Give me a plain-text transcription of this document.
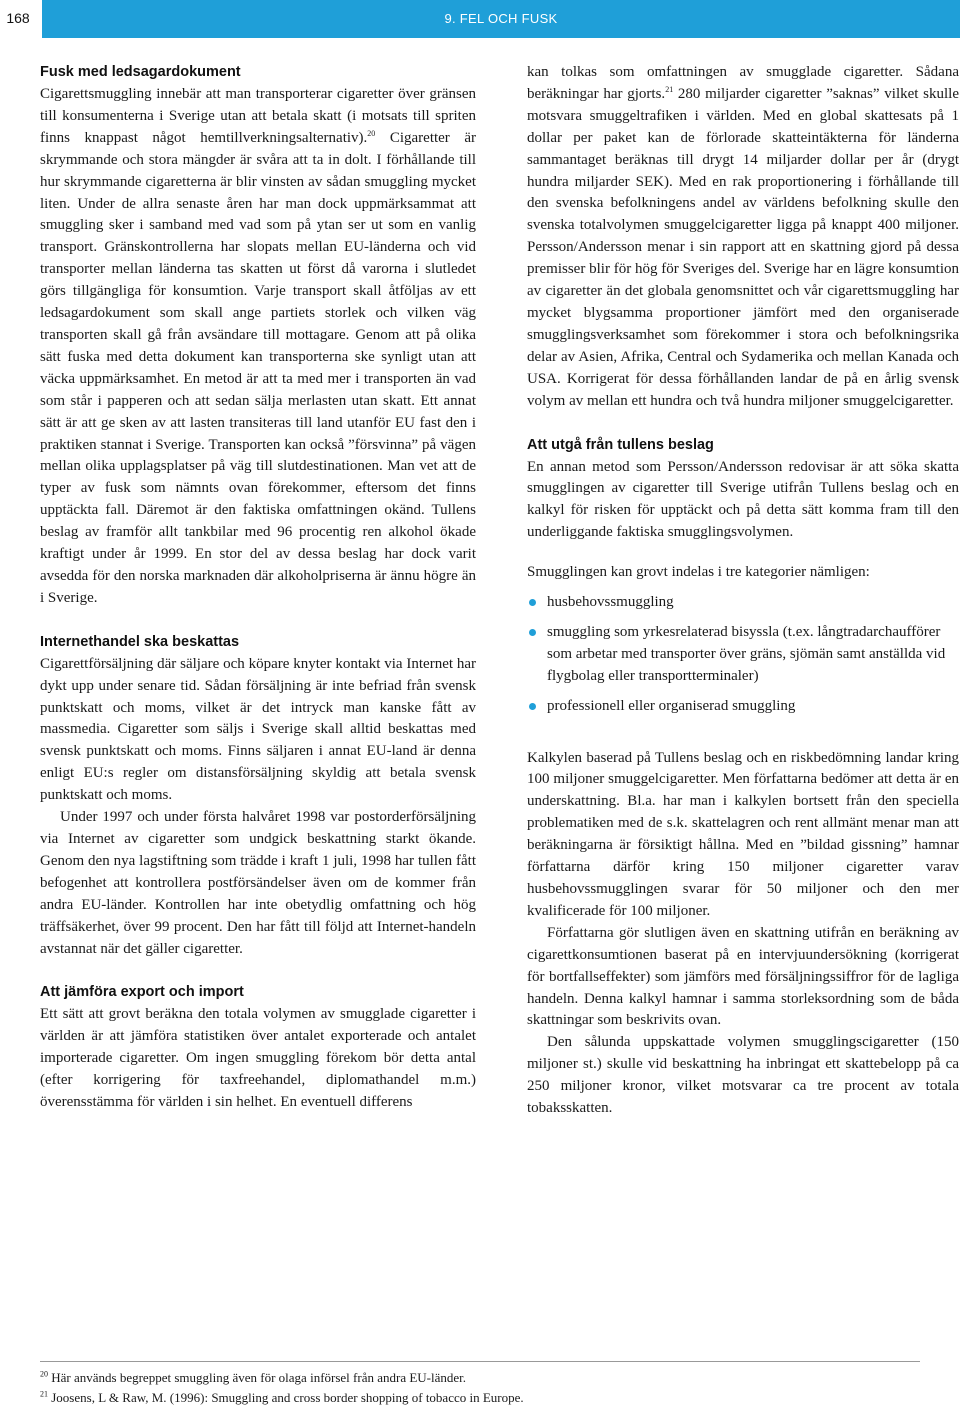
168	9. FEL OCH FUSK
Fusk med ledsagardokument

Cigarettsmuggling innebär att man transporterar cigaretter över gränsen till konsumenterna i Sverige utan att betala skatt (i motsats till spriten finns knappast något hemtillverkningsalternativ).$^{20}$ Cigaretter är skrymmande och stora mängder är svåra att ta in dolt. I förhållande till hur skrymmande cigaretterna är blir vinsten av sådan smuggling mycket liten. Under de allra senaste åren har man dock uppmärksammat att smuggling sker i samband med vad som på ytan ser ut som en vanlig transport. Gränskontrollerna har slopats mellan EU-länderna och vid transporter mellan länderna tas skatten ut först då varorna i slutledet görs tillgängliga för konsumtion. Varje transport skall åtföljas av ett ledsagardokument som skall ange partiets storlek och vilken väg transporten skall gå från avsändare till mottagare. Genom att på olika sätt fuska med detta dokument kan transporterna ske synligt utan att väcka uppmärksamhet. En metod är att ta med mer i transporten än vad som står i papperen och att sedan sälja merlasten utan skatt. Ett annat sätt är att ge sken av att lasten transiteras till land utanför EU fast den i praktiken stannat i Sverige. Transporten kan också ”försvinna” på vägen mellan olika upplagsplatser på väg till slutdestinationen. Man vet att de typer av fusk som nämnts ovan förekommer, eftersom det finns upptäckta fall. Däremot är den faktiska omfattningen okänd. Tullens beslag av framför allt tankbilar med 96 procentig ren alkohol ökade kraftigt under år 1999. En stor del av dessa beslag har dock varit avsedda för den norska marknaden där alkoholpriserna är ännu högre än i Sverige.

Internethandel ska beskattas

Cigarettförsäljning där säljare och köpare knyter kontakt via Internet har dykt upp under senare tid. Sådan försäljning är inte befriad från svensk punktskatt och moms, vilket är det intryck man kanske fått av massmedia. Cigaretter som säljs i Sverige skall alltid beskattas med svensk punktskatt och moms. Finns säljaren i annat EU-land är denna enligt EU:s regler om distansförsäljning skyldig att betala svensk punktskatt och moms.

Under 1997 och under första halvåret 1998 var postorderförsäljning via Internet av cigaretter som undgick beskattning starkt ökande. Genom den nya lagstiftning som trädde i kraft 1 juli, 1998 har tullen fått befogenhet att kontrollera postförsändelser även om de kommer från andra EU-länder. Kontrollen har inte obetydlig omfattning och hög träffsäkerhet, över 99 procent. Den har fått till följd att Internet-handeln avstannat när det gäller cigaretter.

Att jämföra export och import

Ett sätt att grovt beräkna den totala volymen av smugglade cigaretter i världen är att jämföra statistiken över antalet exporterade och antalet importerade cigaretter. Om ingen smuggling förekom bör detta antal (efter korrigering för taxfreehandel, diplomathandel m.m.) överensstämma för världen i sin helhet. En eventuell differens

kan tolkas som omfattningen av smugglade cigaretter. Sådana beräkningar har gjorts.$^{21}$ 280 miljarder cigaretter ”saknas” vilket skulle motsvara smuggeltrafiken i världen. Med en global skattesats på 1 dollar per paket kan de förlorade skatteintäkterna för länderna sammantaget beräknas till drygt 14 miljarder dollar per år (drygt hundra miljarder SEK). Med en rak proportionering i förhållande till den svenska befolkningens andel av världens befolkning skulle den svenska totalvolymen smuggelcigaretter ligga på knappt 400 miljoner. Persson/Andersson menar i sin rapport att en skattning gjord på dessa premisser blir för hög för Sveriges del. Sverige har en lägre konsumtion av cigaretter än det globala genomsnittet och vår cigarettsmuggling har mycket blygsamma proportioner jämfört med den organiserade smugglingsverksamhet som förekommer i stora och befolkningsrika delar av Asien, Afrika, Central och Sydamerika och mellan Kanada och USA. Korrigerat för dessa förhållanden landar de på en årlig svensk volym av mellan ett hundra och två hundra miljoner smuggelcigaretter.

Att utgå från tullens beslag

En annan metod som Persson/Andersson redovisar är att söka skatta smugglingen av cigaretter till Sverige utifrån Tullens beslag och en kalkyl för risken för upptäckt och på detta sätt komma fram till den underliggande faktiska smugglingsvolymen.

Smugglingen kan grovt indelas i tre kategorier nämligen:

husbehovssmuggling
smuggling som yrkesrelaterad bisyssla (t.ex. långtradarchaufförer som arbetar med transporter över gräns, sjömän samt anställda vid flygbolag eller transportterminaler)
professionell eller organiserad smuggling

Kalkylen baserad på Tullens beslag och en riskbedömning landar kring 100 miljoner smuggelcigaretter. Men författarna bedömer att detta är en underskattning. Bl.a. har man i kalkylen bortsett från den speciella problematiken med de s.k. skattelagren och rent allmänt menar man att beräkningarna är försiktigt hållna. Med en ”bildad gissning” hamnar författarna därför kring 150 miljoner cigaretter varav husbehovssmugglingen svarar för 50 miljoner och den mer kvalificerade för 100 miljoner.

Författarna gör slutligen även en skattning utifrån en beräkning av cigarettkonsumtionen baserat på en intervjuundersökning (korrigerat för bortfallseffekter) som jämförs med försäljningssiffror för de lagliga handeln. Denna kalkyl hamnar i samma storleksordning som de båda skattningar som beskrivits ovan.

Den sålunda uppskattade volymen smugglingscigaretter (150 miljoner st.) skulle vid beskattning ha inbringat ett skattebelopp på ca 250 miljoner kronor, vilket motsvarar ca tre procent av totala tobaksskatten.

$^{20}$ Här används begreppet smuggling även för olaga införsel från andra EU-länder.
$^{21}$ Joosens, L & Raw, M. (1996): Smuggling and cross border shopping of tobacco in Europe.
